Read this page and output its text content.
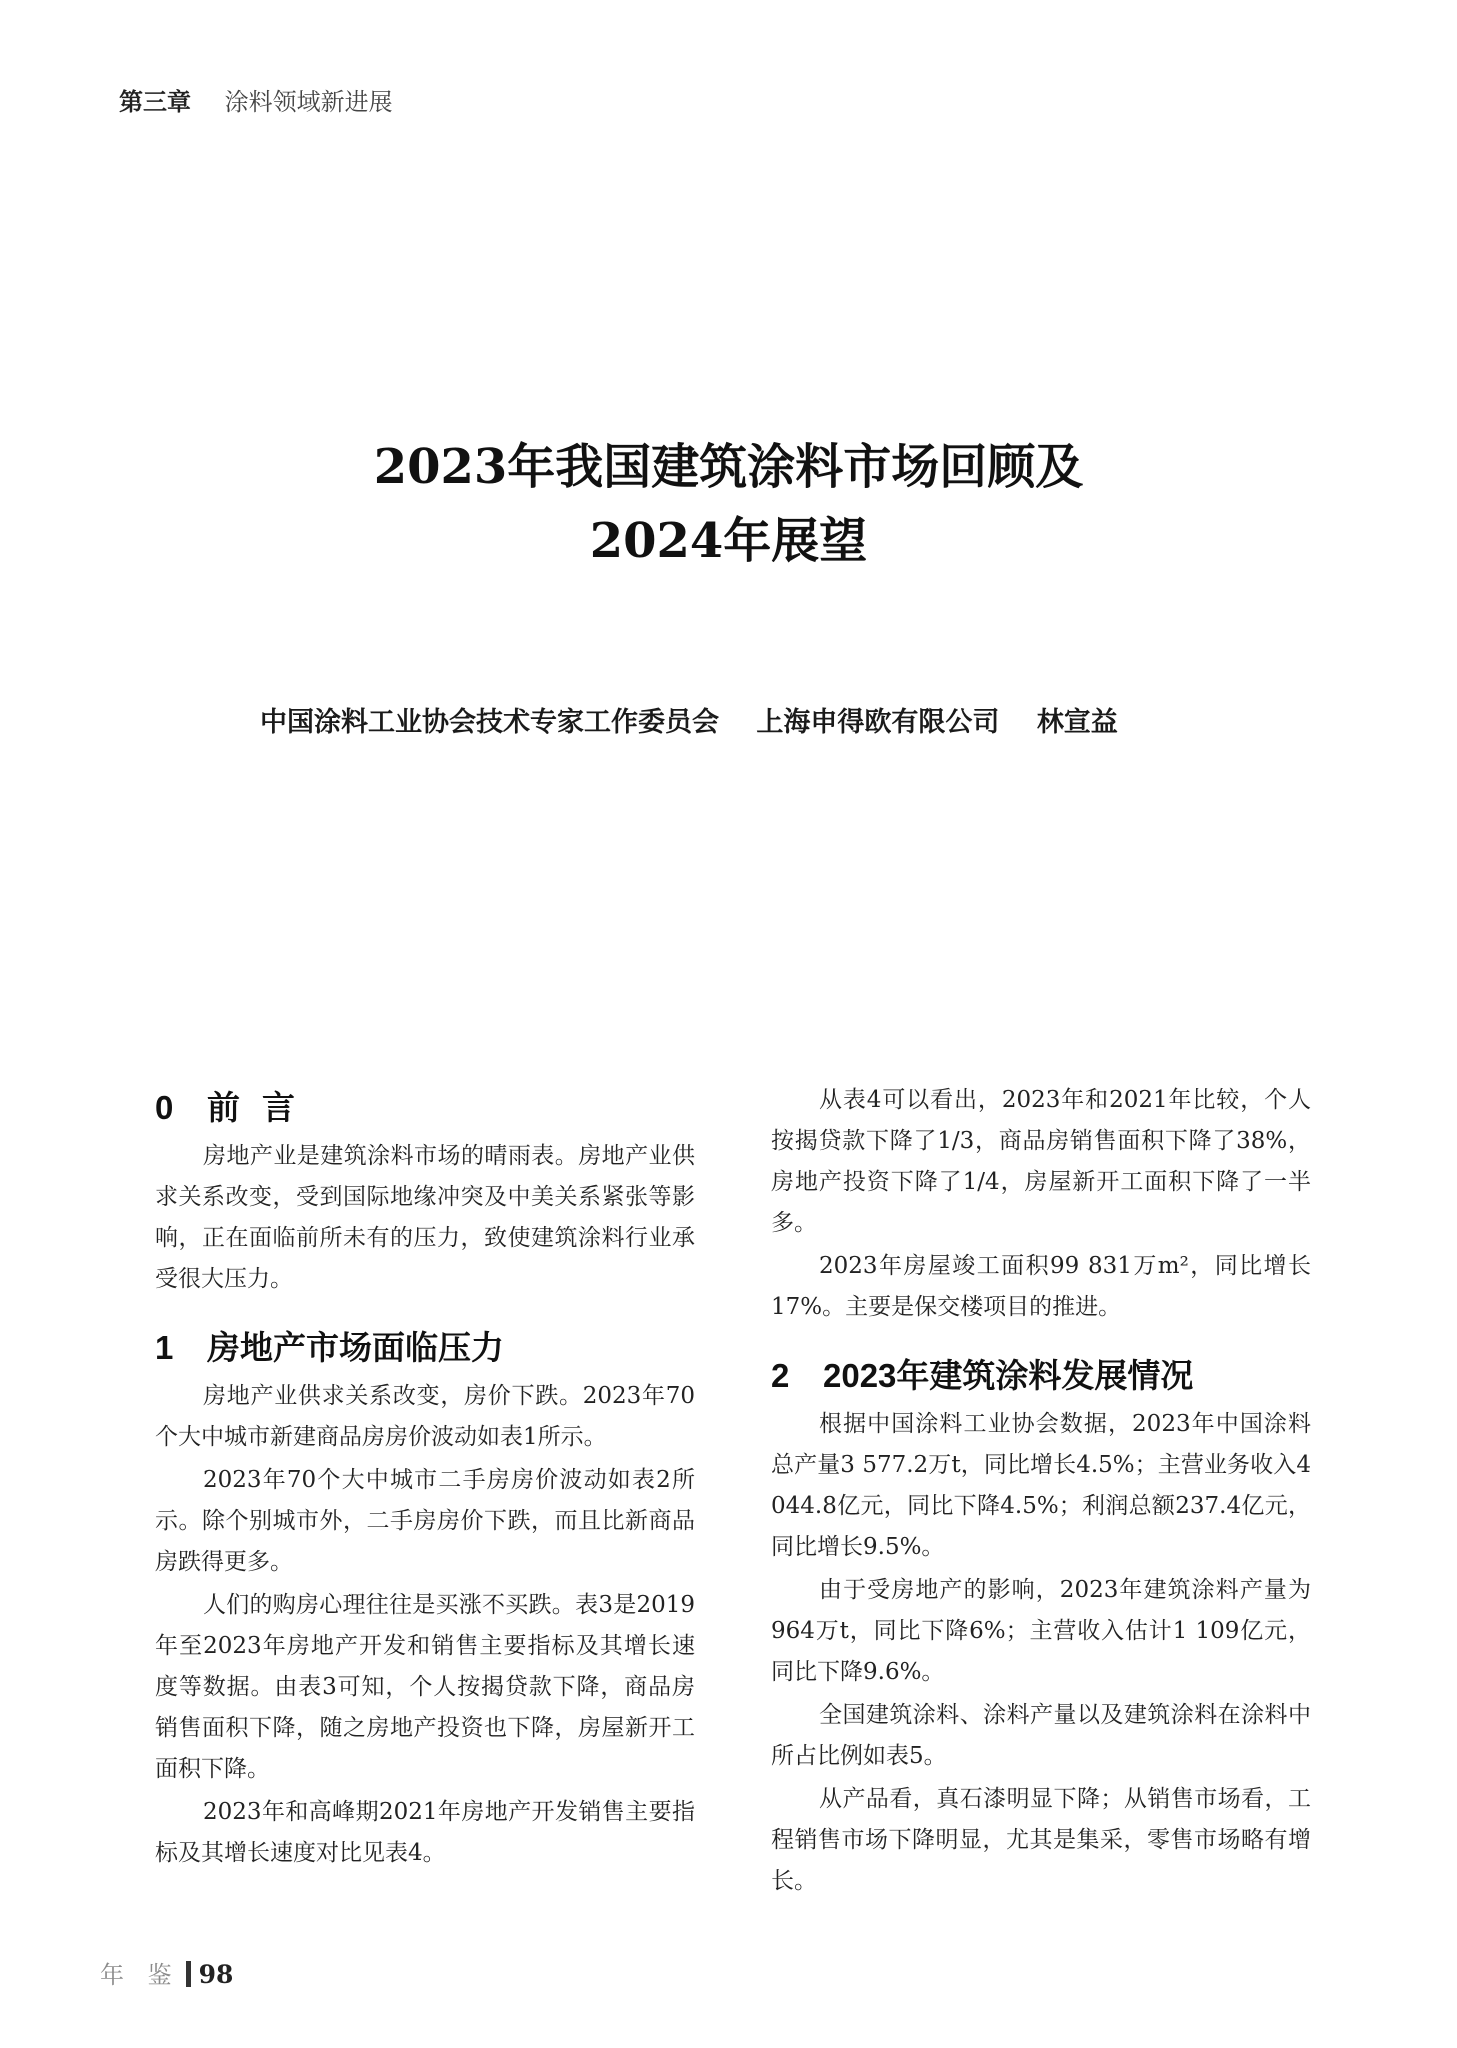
第三章 涂料领域新进展
2023年我国建筑涂料市场回顾及
2024年展望
中国涂料工业协会技术专家工作委员会 上海申得欧有限公司 林宣益
0 前言

房地产业是建筑涂料市场的晴雨表。房地产业供求关系改变，受到国际地缘冲突及中美关系紧张等影响，正在面临前所未有的压力，致使建筑涂料行业承受很大压力。

1 房地产市场面临压力

房地产业供求关系改变，房价下跌。2023年70个大中城市新建商品房房价波动如表1所示。

2023年70个大中城市二手房房价波动如表2所示。除个别城市外，二手房房价下跌，而且比新商品房跌得更多。

人们的购房心理往往是买涨不买跌。表3是2019年至2023年房地产开发和销售主要指标及其增长速度等数据。由表3可知，个人按揭贷款下降，商品房销售面积下降，随之房地产投资也下降，房屋新开工面积下降。

2023年和高峰期2021年房地产开发销售主要指标及其增长速度对比见表4。

从表4可以看出，2023年和2021年比较，个人按揭贷款下降了1/3，商品房销售面积下降了38%，房地产投资下降了1/4，房屋新开工面积下降了一半多。

2023年房屋竣工面积99 831万m²，同比增长17%。主要是保交楼项目的推进。

2 2023年建筑涂料发展情况

根据中国涂料工业协会数据，2023年中国涂料总产量3 577.2万t，同比增长4.5%；主营业务收入4 044.8亿元，同比下降4.5%；利润总额237.4亿元，同比增长9.5%。

由于受房地产的影响，2023年建筑涂料产量为964万t，同比下降6%；主营收入估计1 109亿元，同比下降9.6%。

全国建筑涂料、涂料产量以及建筑涂料在涂料中所占比例如表5。

从产品看，真石漆明显下降；从销售市场看，工程销售市场下降明显，尤其是集采，零售市场略有增长。

年 鉴 98
